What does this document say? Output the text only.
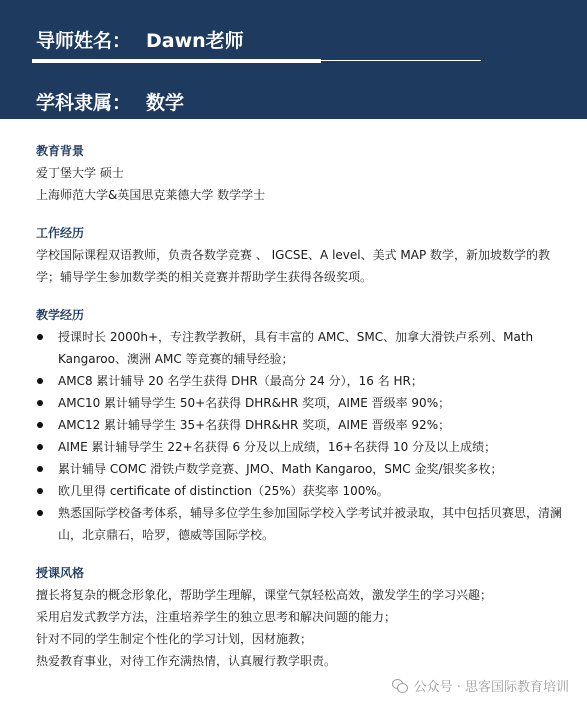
导师姓名： Dawn老师
学科隶属： 数学
教育背景
爱丁堡大学 硕士
上海师范大学&英国思克莱德大学 数学学士
工作经历
学校国际课程双语教师，负责各数学竞赛 、 IGCSE、A level、美式 MAP 数学，新加坡数学的教学；辅导学生参加数学类的相关竞赛并帮助学生获得各级奖项。
教学经历
授课时长 2000h+，专注教学教研，具有丰富的 AMC、SMC、加拿大滑铁卢系列、Math Kangaroo、澳洲 AMC 等竞赛的辅导经验；
AMC8 累计辅导 20 名学生获得 DHR（最高分 24 分），16 名 HR；
AMC10 累计辅导学生 50+名获得 DHR&HR 奖项，AIME 晋级率 90%；
AMC12 累计辅导学生 35+名获得 DHR&HR 奖项，AIME 晋级率 92%；
AIME 累计辅导学生 22+名获得 6 分及以上成绩，16+名获得 10 分及以上成绩；
累计辅导 COMC 滑铁卢数学竞赛、JMO、Math Kangaroo，SMC 金奖/银奖多枚；
欧几里得 certificate of distinction（25%）获奖率 100%。
熟悉国际学校备考体系，辅导多位学生参加国际学校入学考试并被录取，其中包括贝赛思，清澜山，北京鼎石，哈罗，德威等国际学校。
授课风格
擅长将复杂的概念形象化，帮助学生理解，课堂气氛轻松高效，激发学生的学习兴趣；
采用启发式教学方法，注重培养学生的独立思考和解决问题的能力；
针对不同的学生制定个性化的学习计划，因材施教；
热爱教育事业，对待工作充满热情，认真履行教学职责。
公众号 · 思客国际教育培训
